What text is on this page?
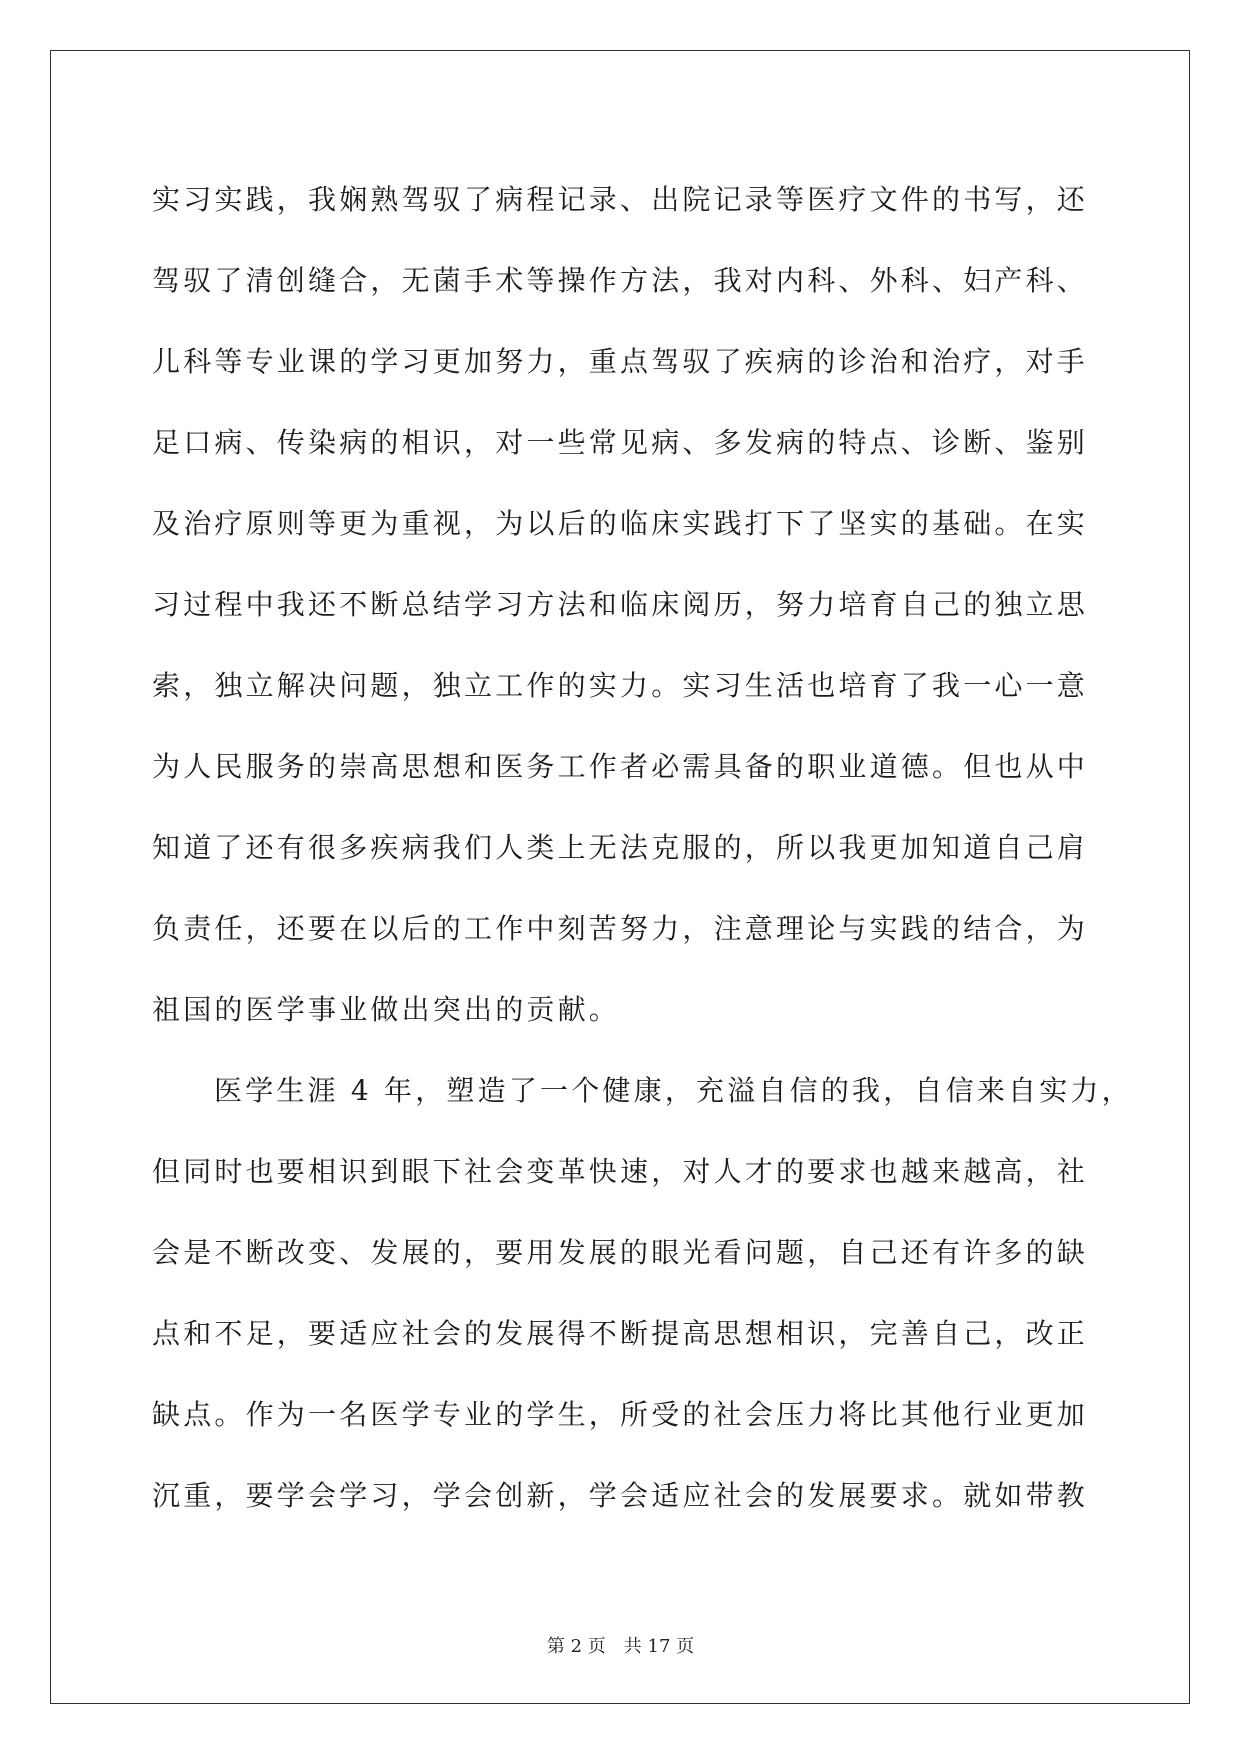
实习实践，我娴熟驾驭了病程记录、出院记录等医疗文件的书写，还
驾驭了清创缝合，无菌手术等操作方法，我对内科、外科、妇产科、
儿科等专业课的学习更加努力，重点驾驭了疾病的诊治和治疗，对手
足口病、传染病的相识，对一些常见病、多发病的特点、诊断、鉴别
及治疗原则等更为重视，为以后的临床实践打下了坚实的基础。在实
习过程中我还不断总结学习方法和临床阅历，努力培育自己的独立思
索，独立解决问题，独立工作的实力。实习生活也培育了我一心一意
为人民服务的崇高思想和医务工作者必需具备的职业道德。但也从中
知道了还有很多疾病我们人类上无法克服的，所以我更加知道自己肩
负责任，还要在以后的工作中刻苦努力，注意理论与实践的结合，为
祖国的医学事业做出突出的贡献。
医学生涯 4 年，塑造了一个健康，充溢自信的我，自信来自实力，
但同时也要相识到眼下社会变革快速，对人才的要求也越来越高，社
会是不断改变、发展的，要用发展的眼光看问题，自己还有许多的缺
点和不足，要适应社会的发展得不断提高思想相识，完善自己，改正
缺点。作为一名医学专业的学生，所受的社会压力将比其他行业更加
沉重，要学会学习，学会创新，学会适应社会的发展要求。就如带教
第 2 页　共 17 页
